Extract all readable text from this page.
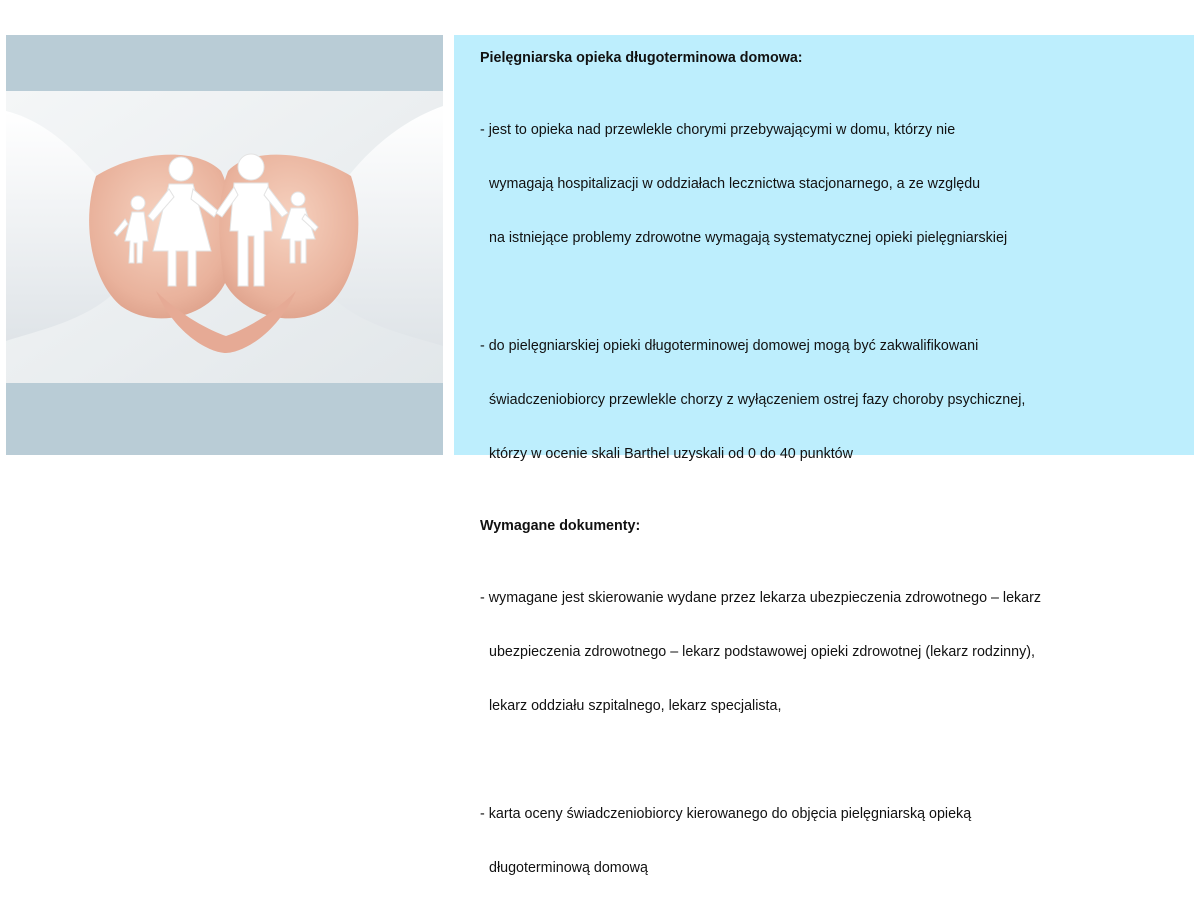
Pielęgniarska opieka długoterminowa domowa:

- jest to opieka nad przewlekle chorymi przebywającymi w domu, którzy nie

wymagają hospitalizacji w oddziałach lecznictwa stacjonarnego, a ze względu

na istniejące problemy zdrowotne wymagają systematycznej opieki pielęgniarskiej

- do pielęgniarskiej opieki długoterminowej domowej mogą być zakwalifikowani

świadczeniobiorcy przewlekle chorzy z wyłączeniem ostrej fazy choroby psychicznej,

którzy w ocenie skali Barthel uzyskali od 0 do 40 punktów

Wymagane dokumenty:

- wymagane jest skierowanie wydane przez lekarza ubezpieczenia zdrowotnego – lekarz

ubezpieczenia zdrowotnego – lekarz podstawowej opieki zdrowotnej (lekarz rodzinny),

lekarz oddziału szpitalnego, lekarz specjalista,

- karta oceny świadczeniobiorcy kierowanego do objęcia pielęgniarską opieką

długoterminową domową
